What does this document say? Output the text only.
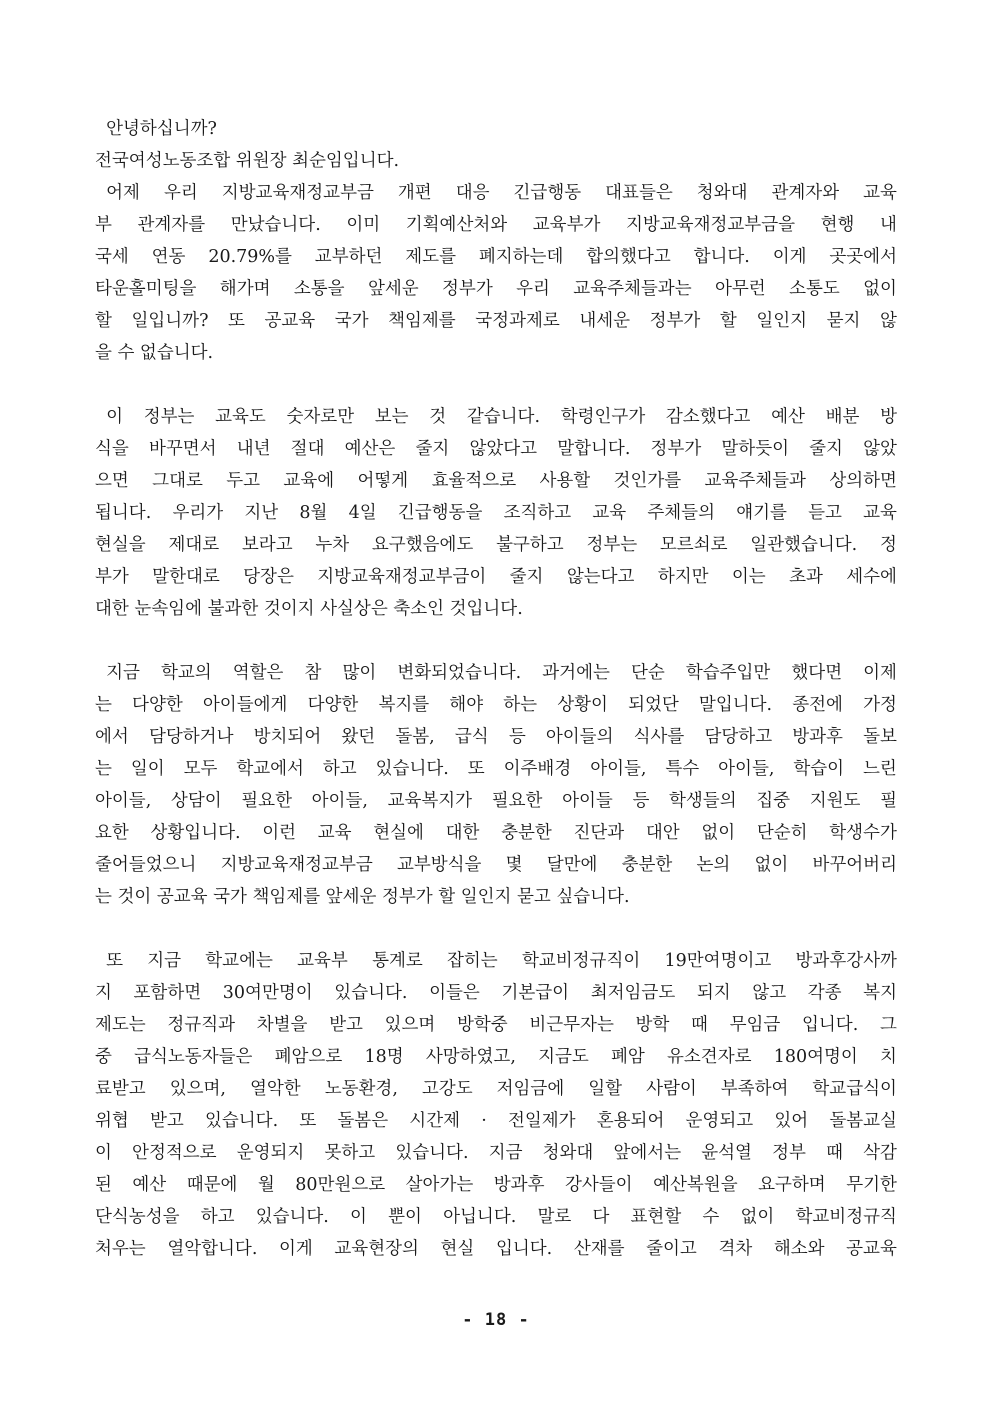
안녕하십니까?
전국여성노동조합 위원장 최순임입니다.
어제 우리 지방교육재정교부금 개편 대응 긴급행동 대표들은 청와대 관계자와 교육
부 관계자를 만났습니다. 이미 기획예산처와 교육부가 지방교육재정교부금을 현행 내
국세 연동 20.79%를 교부하던 제도를 폐지하는데 합의했다고 합니다. 이게 곳곳에서
타운홀미팅을 해가며 소통을 앞세운 정부가 우리 교육주체들과는 아무런 소통도 없이
할 일입니까? 또 공교육 국가 책임제를 국정과제로 내세운 정부가 할 일인지 묻지 않
을 수 없습니다.
이 정부는 교육도 숫자로만 보는 것 같습니다. 학령인구가 감소했다고 예산 배분 방
식을 바꾸면서 내년 절대 예산은 줄지 않았다고 말합니다. 정부가 말하듯이 줄지 않았
으면 그대로 두고 교육에 어떻게 효율적으로 사용할 것인가를 교육주체들과 상의하면
됩니다. 우리가 지난 8월 4일 긴급행동을 조직하고 교육 주체들의 얘기를 듣고 교육
현실을 제대로 보라고 누차 요구했음에도 불구하고 정부는 모르쇠로 일관했습니다. 정
부가 말한대로 당장은 지방교육재정교부금이 줄지 않는다고 하지만 이는 초과 세수에
대한 눈속임에 불과한 것이지 사실상은 축소인 것입니다.
지금 학교의 역할은 참 많이 변화되었습니다. 과거에는 단순 학습주입만 했다면 이제
는 다양한 아이들에게 다양한 복지를 해야 하는 상황이 되었단 말입니다. 종전에 가정
에서 담당하거나 방치되어 왔던 돌봄, 급식 등 아이들의 식사를 담당하고 방과후 돌보
는 일이 모두 학교에서 하고 있습니다. 또 이주배경 아이들, 특수 아이들, 학습이 느린
아이들, 상담이 필요한 아이들, 교육복지가 필요한 아이들 등 학생들의 집중 지원도 필
요한 상황입니다. 이런 교육 현실에 대한 충분한 진단과 대안 없이 단순히 학생수가
줄어들었으니 지방교육재정교부금 교부방식을 몇 달만에 충분한 논의 없이 바꾸어버리
는 것이 공교육 국가 책임제를 앞세운 정부가 할 일인지 묻고 싶습니다.
또 지금 학교에는 교육부 통계로 잡히는 학교비정규직이 19만여명이고 방과후강사까
지 포함하면 30여만명이 있습니다. 이들은 기본급이 최저임금도 되지 않고 각종 복지
제도는 정규직과 차별을 받고 있으며 방학중 비근무자는 방학 때 무임금 입니다. 그
중 급식노동자들은 폐암으로 18명 사망하였고, 지금도 폐암 유소견자로 180여명이 치
료받고 있으며, 열악한 노동환경, 고강도 저임금에 일할 사람이 부족하여 학교급식이
위협 받고 있습니다. 또 돌봄은 시간제 · 전일제가 혼용되어 운영되고 있어 돌봄교실
이 안정적으로 운영되지 못하고 있습니다. 지금 청와대 앞에서는 윤석열 정부 때 삭감
된 예산 때문에 월 80만원으로 살아가는 방과후 강사들이 예산복원을 요구하며 무기한
단식농성을 하고 있습니다. 이 뿐이 아닙니다. 말로 다 표현할 수 없이 학교비정규직
처우는 열악합니다. 이게 교육현장의 현실 입니다. 산재를 줄이고 격차 해소와 공교육
- 18 -
